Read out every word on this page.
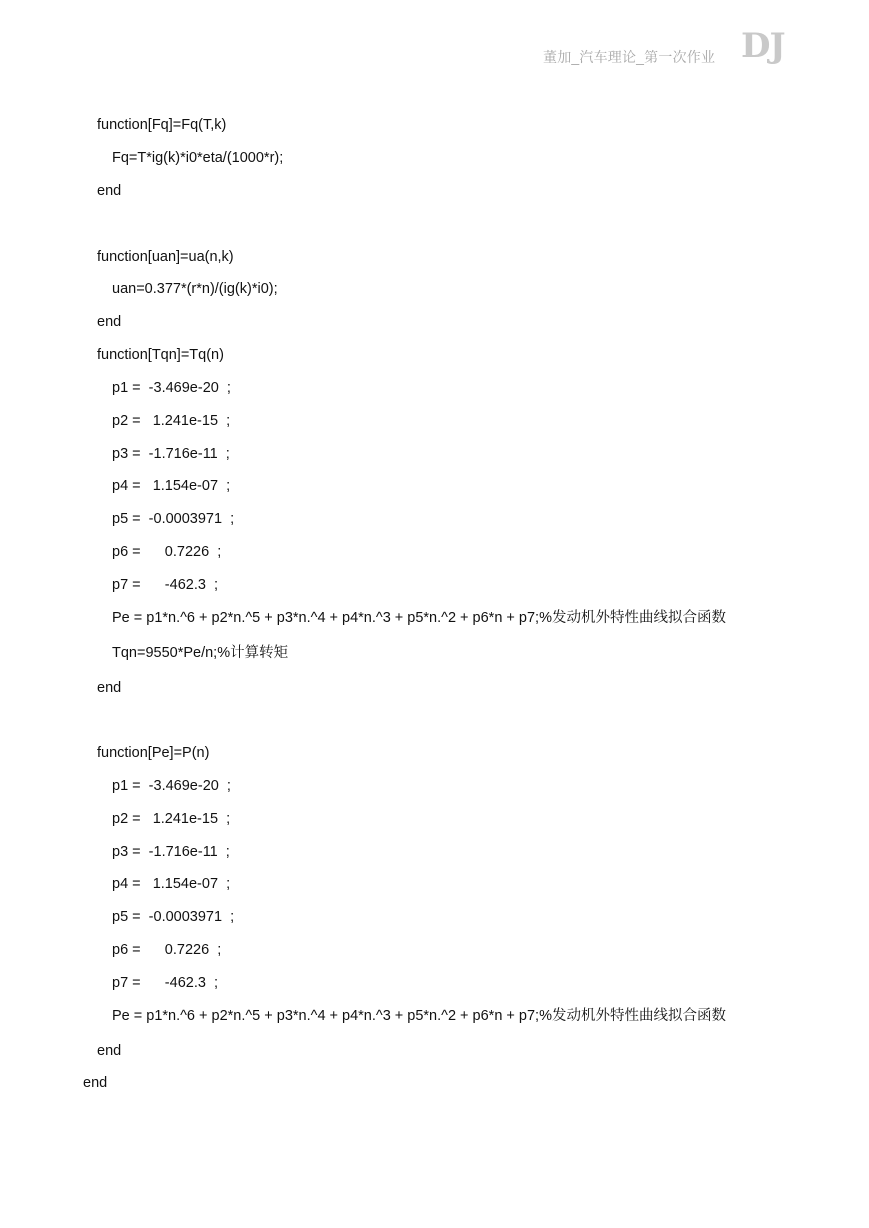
董加_汽车理论_第一次作业 DJ
function[Fq]=Fq(T,k)
Fq=T*ig(k)*i0*eta/(1000*r);
end
function[uan]=ua(n,k)
uan=0.377*(r*n)/(ig(k)*i0);
end
function[Tqn]=Tq(n)
p1 =  -3.469e-20  ;
p2 =   1.241e-15  ;
p3 =  -1.716e-11  ;
p4 =   1.154e-07  ;
p5 =  -0.0003971  ;
p6 =      0.7226  ;
p7 =      -462.3  ;
Pe = p1*n.^6 + p2*n.^5 + p3*n.^4 + p4*n.^3 + p5*n.^2 + p6*n + p7;%发动机外特性曲线拟合函数
Tqn=9550*Pe/n;%计算转矩
end
function[Pe]=P(n)
p1 =  -3.469e-20  ;
p2 =   1.241e-15  ;
p3 =  -1.716e-11  ;
p4 =   1.154e-07  ;
p5 =  -0.0003971  ;
p6 =      0.7226  ;
p7 =      -462.3  ;
Pe = p1*n.^6 + p2*n.^5 + p3*n.^4 + p4*n.^3 + p5*n.^2 + p6*n + p7;%发动机外特性曲线拟合函数
end
end
